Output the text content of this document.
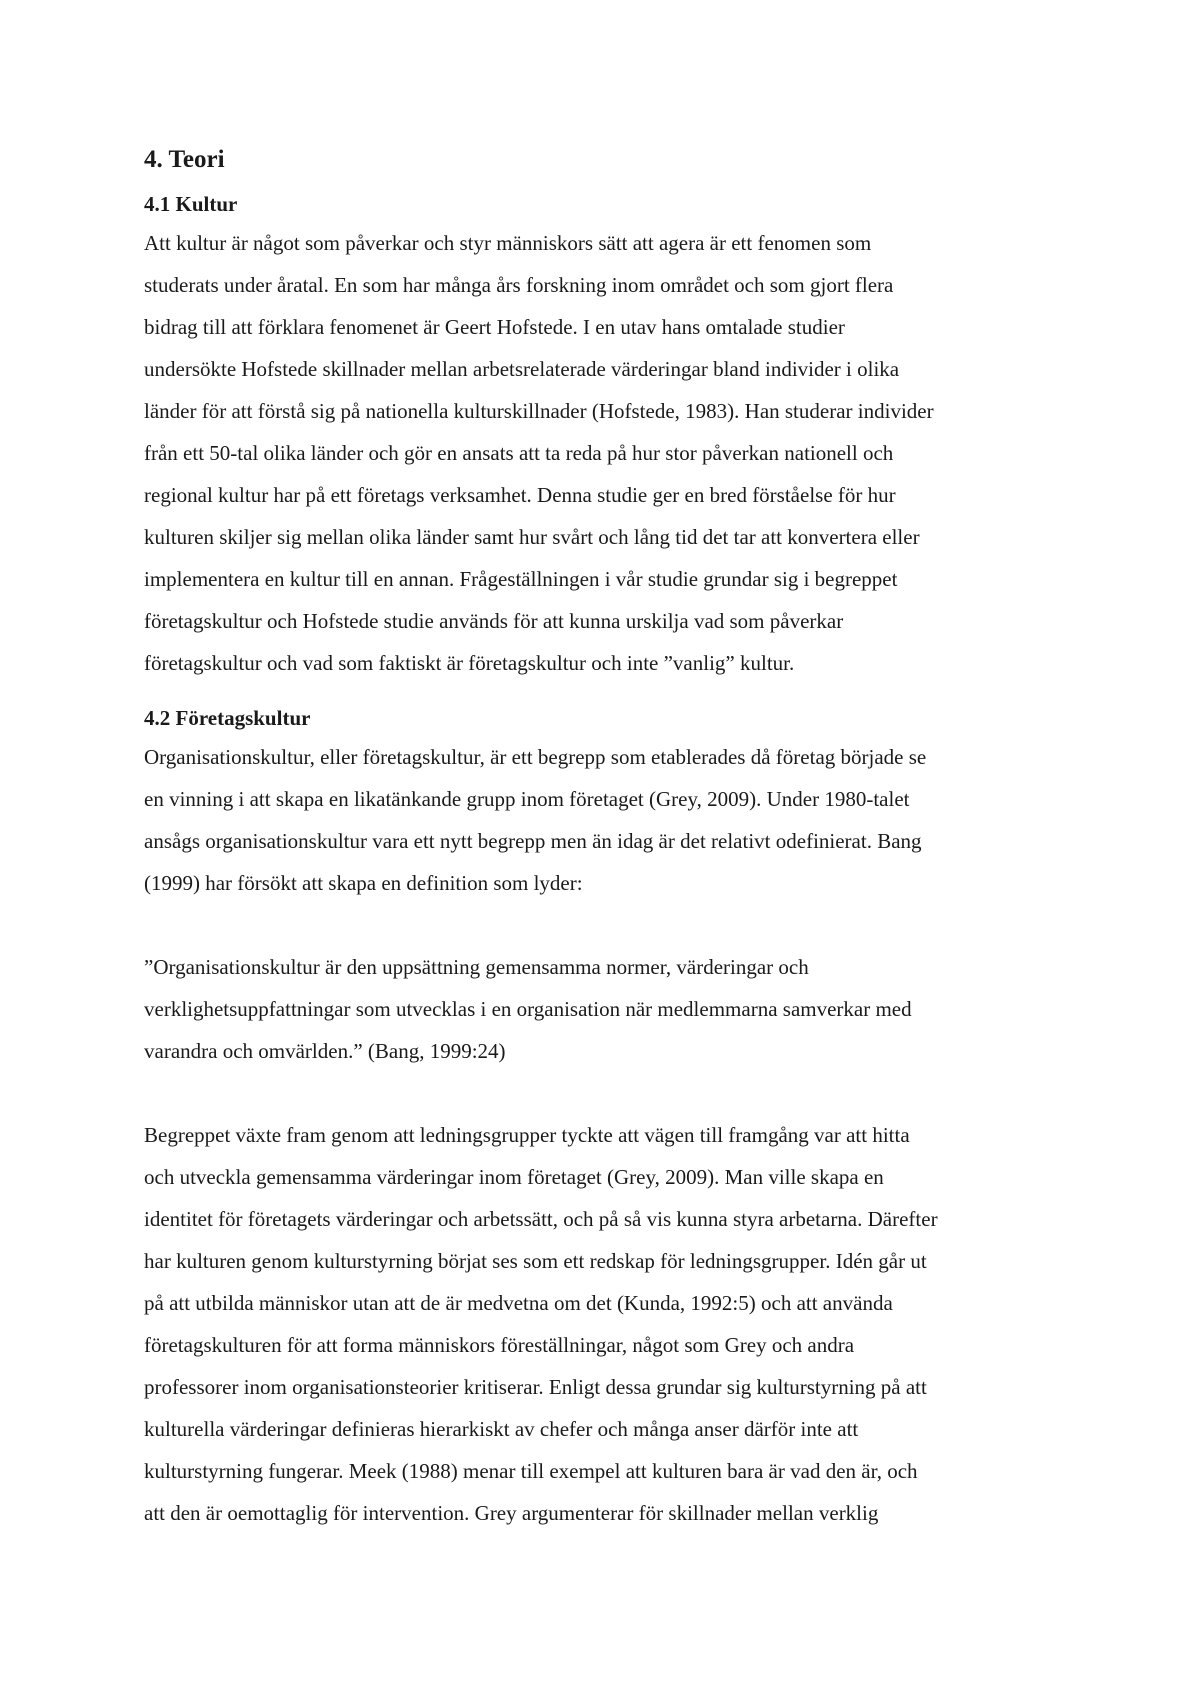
4. Teori
4.1 Kultur
Att kultur är något som påverkar och styr människors sätt att agera är ett fenomen som
studerats under åratal. En som har många års forskning inom området och som gjort flera
bidrag till att förklara fenomenet är Geert Hofstede. I en utav hans omtalade studier
undersökte Hofstede skillnader mellan arbetsrelaterade värderingar bland individer i olika
länder för att förstå sig på nationella kulturskillnader (Hofstede, 1983). Han studerar individer
från ett 50-tal olika länder och gör en ansats att ta reda på hur stor påverkan nationell och
regional kultur har på ett företags verksamhet. Denna studie ger en bred förståelse för hur
kulturen skiljer sig mellan olika länder samt hur svårt och lång tid det tar att konvertera eller
implementera en kultur till en annan. Frågeställningen i vår studie grundar sig i begreppet
företagskultur och Hofstede studie används för att kunna urskilja vad som påverkar
företagskultur och vad som faktiskt är företagskultur och inte ”vanlig” kultur.
4.2 Företagskultur
Organisationskultur, eller företagskultur, är ett begrepp som etablerades då företag började se
en vinning i att skapa en likatänkande grupp inom företaget (Grey, 2009). Under 1980-talet
ansågs organisationskultur vara ett nytt begrepp men än idag är det relativt odefinierat. Bang
(1999) har försökt att skapa en definition som lyder:
”Organisationskultur är den uppsättning gemensamma normer, värderingar och
verklighetsuppfattningar som utvecklas i en organisation när medlemmarna samverkar med
varandra och omvärlden.” (Bang, 1999:24)
Begreppet växte fram genom att ledningsgrupper tyckte att vägen till framgång var att hitta
och utveckla gemensamma värderingar inom företaget (Grey, 2009). Man ville skapa en
identitet för företagets värderingar och arbetssätt, och på så vis kunna styra arbetarna. Därefter
har kulturen genom kulturstyrning börjat ses som ett redskap för ledningsgrupper. Idén går ut
på att utbilda människor utan att de är medvetna om det (Kunda, 1992:5) och att använda
företagskulturen för att forma människors föreställningar, något som Grey och andra
professorer inom organisationsteorier kritiserar. Enligt dessa grundar sig kulturstyrning på att
kulturella värderingar definieras hierarkiskt av chefer och många anser därför inte att
kulturstyrning fungerar. Meek (1988) menar till exempel att kulturen bara är vad den är, och
att den är oemottaglig för intervention. Grey argumenterar för skillnader mellan verklig
